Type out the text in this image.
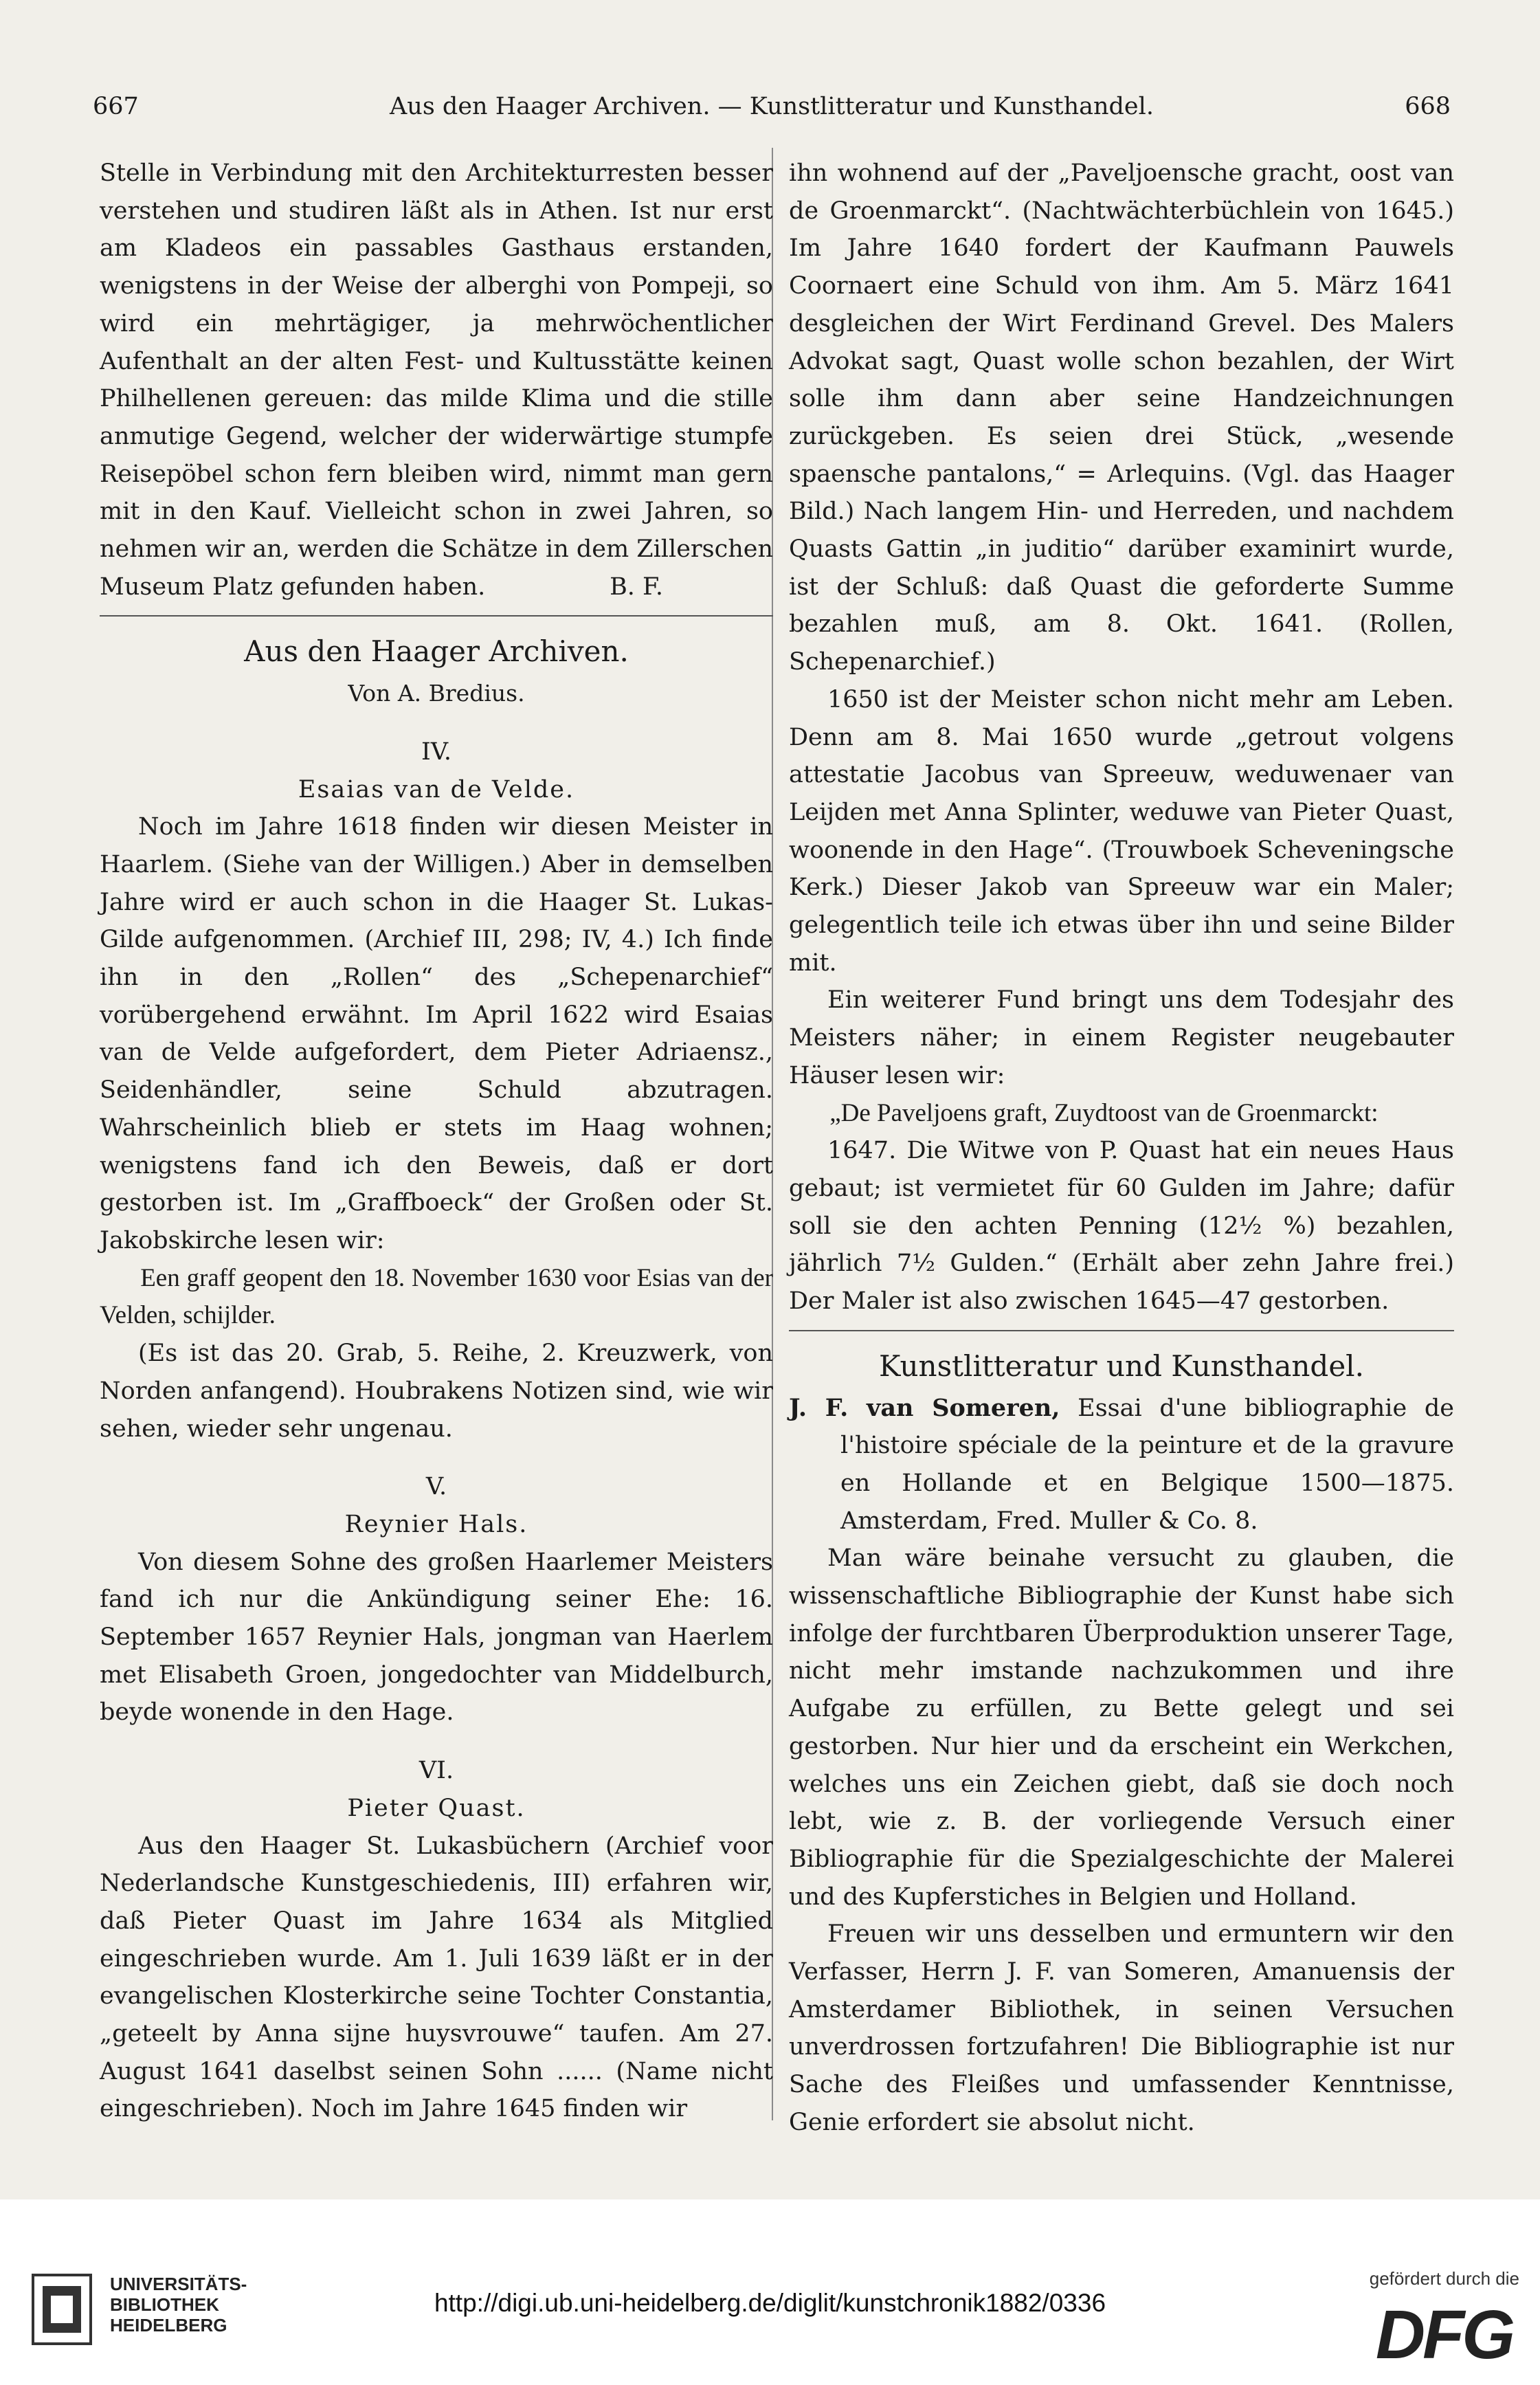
667	Aus den Haager Archiven. — Kunstlitteratur und Kunsthandel.	668

Stelle in Verbindung mit den Architekturresten besser verstehen und studiren läßt als in Athen. Ist nur erst am Kladeos ein passables Gasthaus erstanden, wenigstens in der Weise der alberghi von Pompeji, so wird ein mehrtägiger, ja mehrwöchentlicher Aufenthalt an der alten Fest- und Kultusstätte keinen Philhellenen gereuen: das milde Klima und die stille anmutige Gegend, welcher der widerwärtige stumpfe Reisepöbel schon fern bleiben wird, nimmt man gern mit in den Kauf. Vielleicht schon in zwei Jahren, so nehmen wir an, werden die Schätze in dem Zillerschen Museum Platz gefunden haben.	B. F.

Aus den Haager Archiven.
Von A. Bredius.
IV.
Esaias van de Velde.

Noch im Jahre 1618 finden wir diesen Meister in Haarlem. (Siehe van der Willigen.) Aber in demselben Jahre wird er auch schon in die Haager St. Lukas-Gilde aufgenommen. (Archief III, 298; IV, 4.) Ich finde ihn in den „Rollen“ des „Schepenarchief“ vorübergehend erwähnt. Im April 1622 wird Esaias van de Velde aufgefordert, dem Pieter Adriaensz., Seidenhändler, seine Schuld abzutragen. Wahrscheinlich blieb er stets im Haag wohnen; wenigstens fand ich den Beweis, daß er dort gestorben ist. Im „Graffboeck“ der Großen oder St. Jakobskirche lesen wir:

Een graff geopent den 18. November 1630 voor Esias van der Velden, schijlder.

(Es ist das 20. Grab, 5. Reihe, 2. Kreuzwerk, von Norden anfangend). Houbrakens Notizen sind, wie wir sehen, wieder sehr ungenau.

V.
Reynier Hals.

Von diesem Sohne des großen Haarlemer Meisters fand ich nur die Ankündigung seiner Ehe: 16. September 1657 Reynier Hals, jongman van Haerlem met Elisabeth Groen, jongedochter van Middelburch, beyde wonende in den Hage.

VI.
Pieter Quast.

Aus den Haager St. Lukasbüchern (Archief voor Nederlandsche Kunstgeschiedenis, III) erfahren wir, daß Pieter Quast im Jahre 1634 als Mitglied eingeschrieben wurde. Am 1. Juli 1639 läßt er in der evangelischen Klosterkirche seine Tochter Constantia, „geteelt by Anna sijne huysvrouwe“ taufen. Am 27. August 1641 daselbst seinen Sohn ...... (Name nicht eingeschrieben). Noch im Jahre 1645 finden wir

ihn wohnend auf der „Paveljoensche gracht, oost van de Groenmarckt“. (Nachtwächterbüchlein von 1645.) Im Jahre 1640 fordert der Kaufmann Pauwels Coornaert eine Schuld von ihm. Am 5. März 1641 desgleichen der Wirt Ferdinand Grevel. Des Malers Advokat sagt, Quast wolle schon bezahlen, der Wirt solle ihm dann aber seine Handzeichnungen zurückgeben. Es seien drei Stück, „wesende spaensche pantalons,“ = Arlequins. (Vgl. das Haager Bild.) Nach langem Hin- und Herreden, und nachdem Quasts Gattin „in juditio“ darüber examinirt wurde, ist der Schluß: daß Quast die geforderte Summe bezahlen muß, am 8. Okt. 1641. (Rollen, Schepenarchief.)

1650 ist der Meister schon nicht mehr am Leben. Denn am 8. Mai 1650 wurde „getrout volgens attestatie Jacobus van Spreeuw, weduwenaer van Leijden met Anna Splinter, weduwe van Pieter Quast, woonende in den Hage“. (Trouwboek Scheveningsche Kerk.) Dieser Jakob van Spreeuw war ein Maler; gelegentlich teile ich etwas über ihn und seine Bilder mit.

Ein weiterer Fund bringt uns dem Todesjahr des Meisters näher; in einem Register neugebauter Häuser lesen wir:

„De Paveljoens graft, Zuydtoost van de Groenmarckt:

1647. Die Witwe von P. Quast hat ein neues Haus gebaut; ist vermietet für 60 Gulden im Jahre; dafür soll sie den achten Penning (12½ %) bezahlen, jährlich 7½ Gulden.“ (Erhält aber zehn Jahre frei.) Der Maler ist also zwischen 1645—47 gestorben.

Kunstlitteratur und Kunsthandel.

J. F. van Someren, Essai d'une bibliographie de l'histoire spéciale de la peinture et de la gravure en Hollande et en Belgique 1500—1875. Amsterdam, Fred. Muller & Co. 8.

Man wäre beinahe versucht zu glauben, die wissenschaftliche Bibliographie der Kunst habe sich infolge der furchtbaren Überproduktion unserer Tage, nicht mehr imstande nachzukommen und ihre Aufgabe zu erfüllen, zu Bette gelegt und sei gestorben. Nur hier und da erscheint ein Werkchen, welches uns ein Zeichen giebt, daß sie doch noch lebt, wie z. B. der vorliegende Versuch einer Bibliographie für die Spezialgeschichte der Malerei und des Kupferstiches in Belgien und Holland.

Freuen wir uns desselben und ermuntern wir den Verfasser, Herrn J. F. van Someren, Amanuensis der Amsterdamer Bibliothek, in seinen Versuchen unverdrossen fortzufahren! Die Bibliographie ist nur Sache des Fleißes und umfassender Kenntnisse, Genie erfordert sie absolut nicht.

UNIVERSITÄTS-
BIBLIOTHEK
HEIDELBERG
http://digi.ub.uni-heidelberg.de/diglit/kunstchronik1882/0336
gefördert durch die
DFG
